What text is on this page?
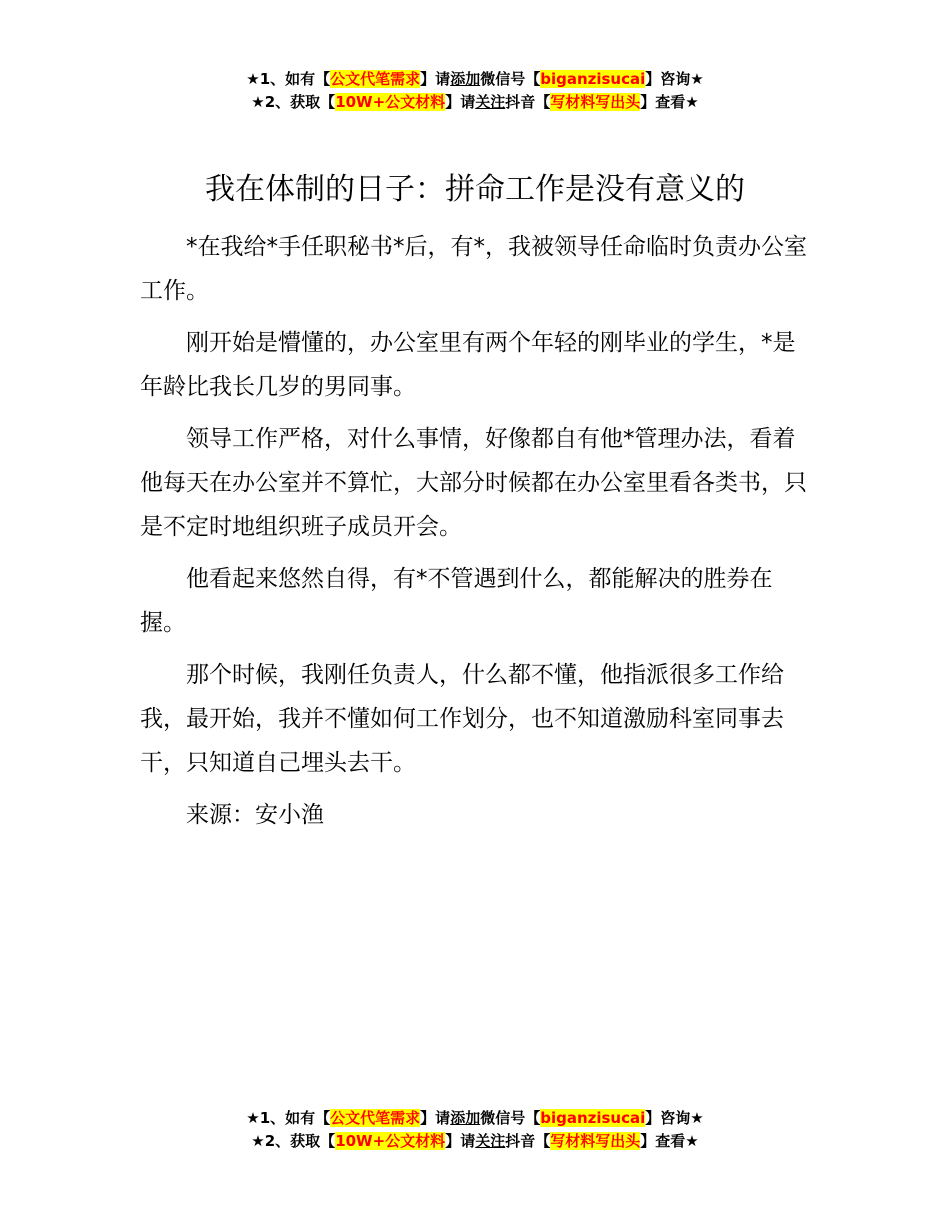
★1、如有【公文代笔需求】请添加微信号【biganzisucai】咨询★
★2、获取【10W+公文材料】请关注抖音【写材料写出头】查看★
我在体制的日子：拼命工作是没有意义的

*在我给*手任职秘书*后，有*，我被领导任命临时负责办公室工作。

刚开始是懵懂的，办公室里有两个年轻的刚毕业的学生，*是年龄比我长几岁的男同事。

领导工作严格，对什么事情，好像都自有他*管理办法，看着他每天在办公室并不算忙，大部分时候都在办公室里看各类书，只是不定时地组织班子成员开会。

他看起来悠然自得，有*不管遇到什么，都能解决的胜券在握。

那个时候，我刚任负责人，什么都不懂，他指派很多工作给我，最开始，我并不懂如何工作划分，也不知道激励科室同事去干，只知道自己埋头去干。

来源：安小渔

★1、如有【公文代笔需求】请添加微信号【biganzisucai】咨询★
★2、获取【10W+公文材料】请关注抖音【写材料写出头】查看★
